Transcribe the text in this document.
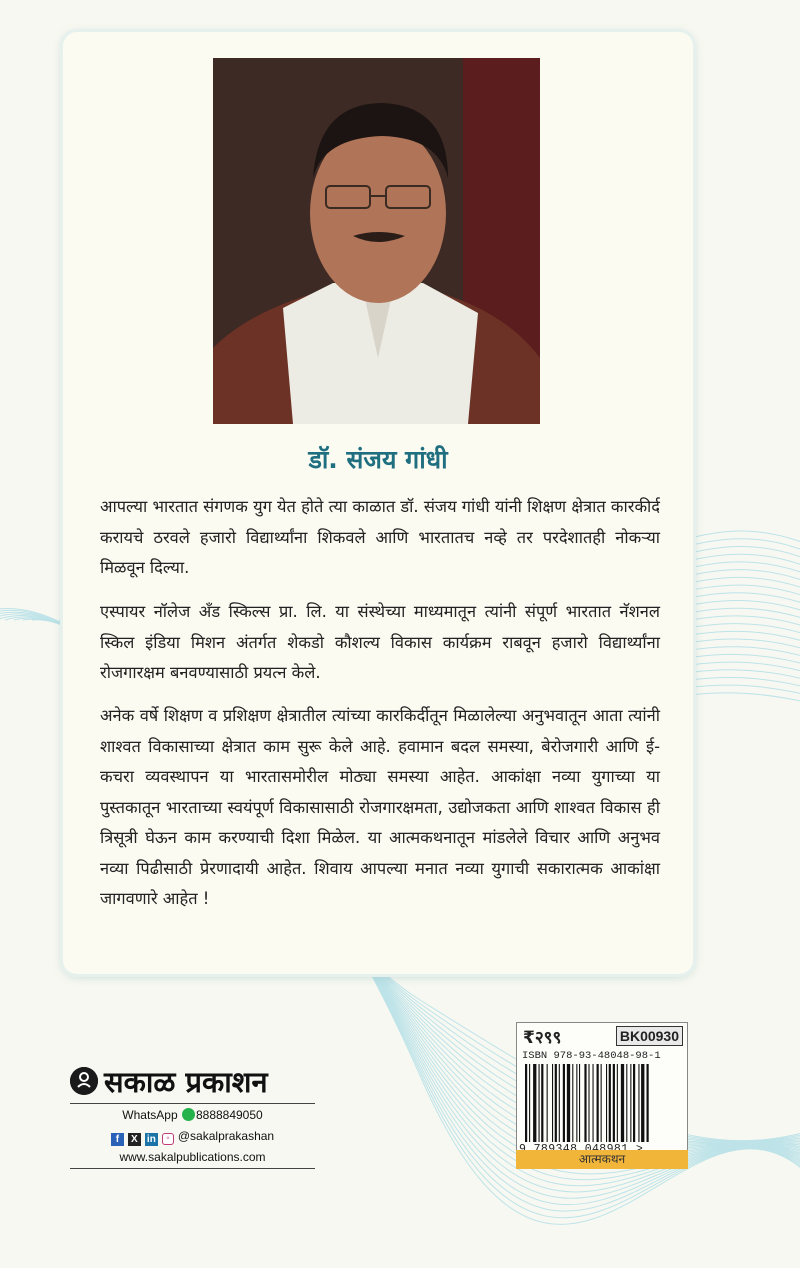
डॉ. संजय गांधी

आपल्या भारतात संगणक युग येत होते त्या काळात डॉ. संजय गांधी यांनी शिक्षण क्षेत्रात कारकीर्द करायचे ठरवले हजारो विद्यार्थ्यांना शिकवले आणि भारतातच नव्हे तर परदेशातही नोकऱ्या मिळवून दिल्या.

एस्पायर नॉलेज अँड स्किल्स प्रा. लि. या संस्थेच्या माध्यमातून त्यांनी संपूर्ण भारतात नॅशनल स्किल इंडिया मिशन अंतर्गत शेकडो कौशल्य विकास कार्यक्रम राबवून हजारो विद्यार्थ्यांना रोजगारक्षम बनवण्यासाठी प्रयत्न केले.

अनेक वर्षे शिक्षण व प्रशिक्षण क्षेत्रातील त्यांच्या कारकिर्दीतून मिळालेल्या अनुभवातून आता त्यांनी शाश्वत विकासाच्या क्षेत्रात काम सुरू केले आहे. हवामान बदल समस्या, बेरोजगारी आणि ई-कचरा व्यवस्थापन या भारतासमोरील मोठ्या समस्या आहेत. आकांक्षा नव्या युगाच्या या पुस्तकातून भारताच्या स्वयंपूर्ण विकासासाठी रोजगारक्षमता, उद्योजकता आणि शाश्वत विकास ही त्रिसूत्री घेऊन काम करण्याची दिशा मिळेल. या आत्मकथनातून मांडलेले विचार आणि अनुभव नव्या पिढीसाठी प्रेरणादायी आहेत. शिवाय आपल्या मनात नव्या युगाची सकारात्मक आकांक्षा जागवणारे आहेत !

सकाळ प्रकाशन
WhatsApp 8888849050
f	X in	◦ @sakalprakashan
www.sakalpublications.com
₹२९९	BK00930
ISBN 978-93-48048-98-1
आत्मकथन
